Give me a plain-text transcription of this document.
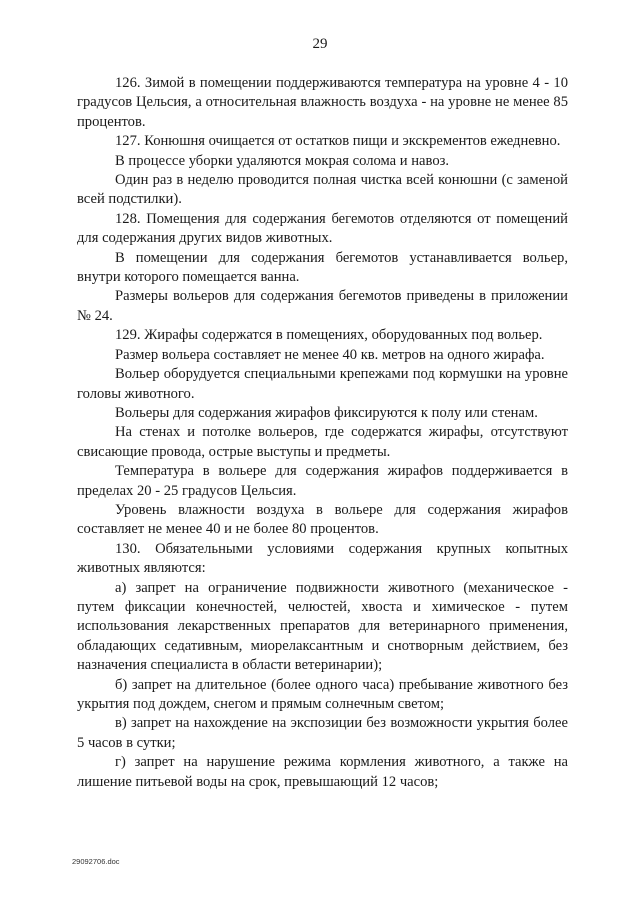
29

126. Зимой в помещении поддерживаются температура на уровне 4 - 10 градусов Цельсия, а относительная влажность воздуха - на уровне не менее 85 процентов.

127. Конюшня очищается от остатков пищи и экскрементов ежедневно.

В процессе уборки удаляются мокрая солома и навоз.

Один раз в неделю проводится полная чистка всей конюшни (с заменой всей подстилки).

128. Помещения для содержания бегемотов отделяются от помещений для содержания других видов животных.

В помещении для содержания бегемотов устанавливается вольер, внутри которого помещается ванна.

Размеры вольеров для содержания бегемотов приведены в приложении № 24.

129. Жирафы содержатся в помещениях, оборудованных под вольер.

Размер вольера составляет не менее 40 кв. метров на одного жирафа.

Вольер оборудуется специальными крепежами под кормушки на уровне головы животного.

Вольеры для содержания жирафов фиксируются к полу или стенам.

На стенах и потолке вольеров, где содержатся жирафы, отсутствуют свисающие провода, острые выступы и предметы.

Температура в вольере для содержания жирафов поддерживается в пределах 20 - 25 градусов Цельсия.

Уровень влажности воздуха в вольере для содержания жирафов составляет не менее 40 и не более 80 процентов.

130. Обязательными условиями содержания крупных копытных животных являются:

а) запрет на ограничение подвижности животного (механическое - путем фиксации конечностей, челюстей, хвоста и химическое - путем использования лекарственных препаратов для ветеринарного применения, обладающих седативным, миорелаксантным и снотворным действием, без назначения специалиста в области ветеринарии);

б) запрет на длительное (более одного часа) пребывание животного без укрытия под дождем, снегом и прямым солнечным светом;

в) запрет на нахождение на экспозиции без возможности укрытия более 5 часов в сутки;

г) запрет на нарушение режима кормления животного, а также на лишение питьевой воды на срок, превышающий 12 часов;

29092706.doc
